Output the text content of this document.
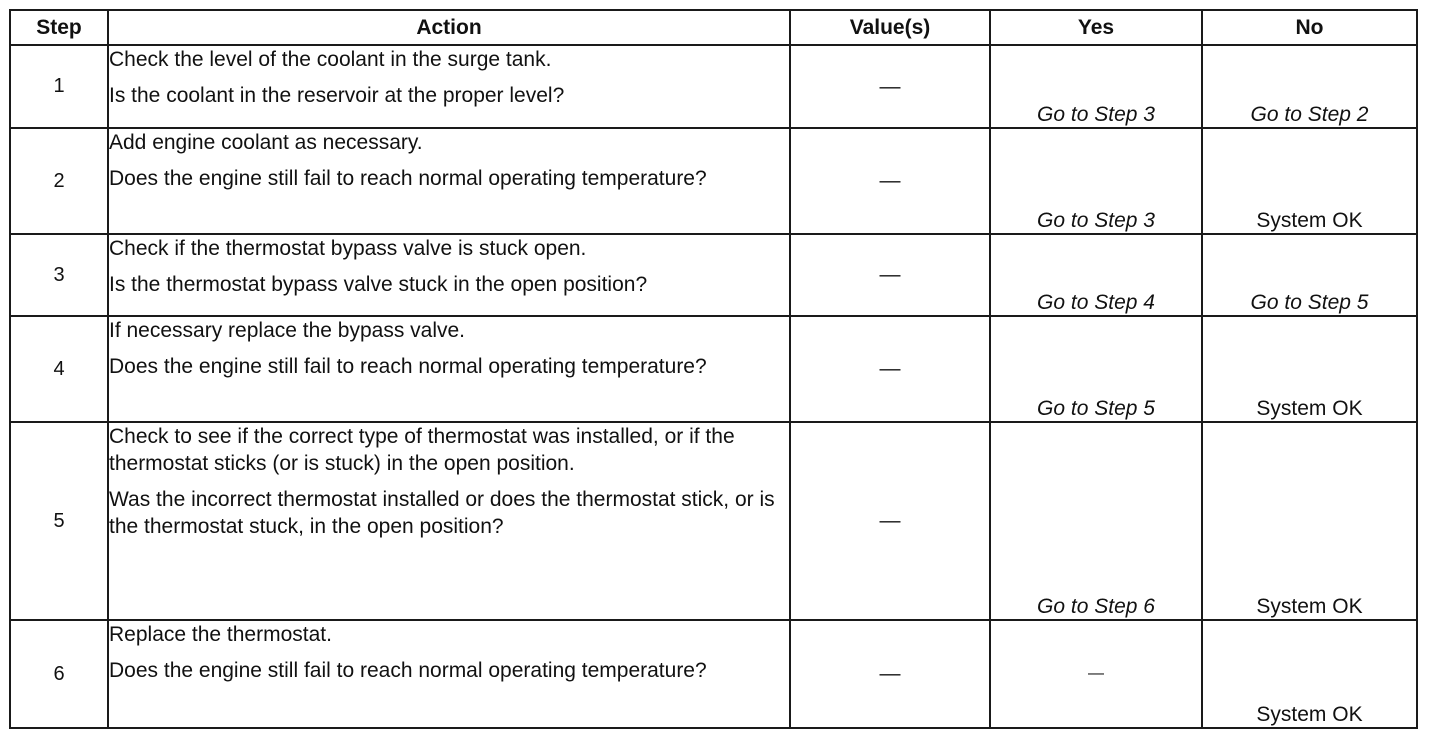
Step	Action	Value(s)	Yes	No
1	Check the level of the coolant in the surge tank.

Is the coolant in the reservoir at the proper level?	—	Go to Step 3	Go to Step 2
2	Add engine coolant as necessary.

Does the engine still fail to reach normal operating temperature?	—	Go to Step 3	System OK
3	Check if the thermostat bypass valve is stuck open.

Is the thermostat bypass valve stuck in the open position?	—	Go to Step 4	Go to Step 5
4	If necessary replace the bypass valve.

Does the engine still fail to reach normal operating temperature?	—	Go to Step 5	System OK
5	Check to see if the correct type of thermostat was installed, or if the thermostat sticks (or is stuck) in the open position.

Was the incorrect thermostat installed or does the thermostat stick, or is the thermostat stuck, in the open position?	—	Go to Step 6	System OK
6	Replace the thermostat.

Does the engine still fail to reach normal operating temperature?	—	—	System OK
